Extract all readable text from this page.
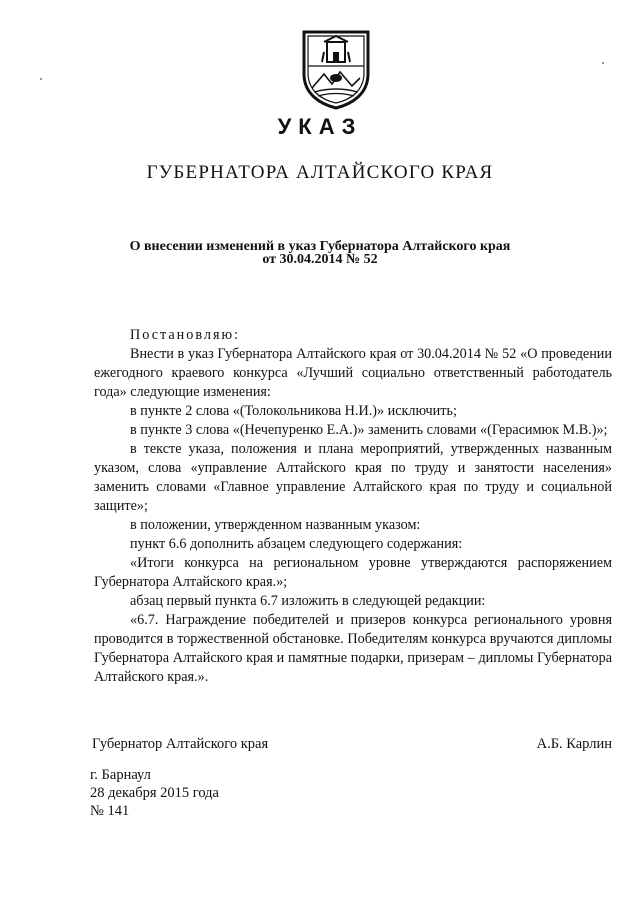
УКАЗ
ГУБЕРНАТОРА АЛТАЙСКОГО КРАЯ
О внесении изменений в указ Губернатора Алтайского края
от 30.04.2014 № 52

Постановляю:

Внести в указ Губернатора Алтайского края от 30.04.2014 № 52 «О проведении ежегодного краевого конкурса «Лучший социально ответственный работодатель года» следующие изменения:

в пункте 2 слова «(Толокольникова Н.И.)» исключить;

в пункте 3 слова «(Нечепуренко Е.А.)» заменить словами «(Герасимюк М.В.)»;

в тексте указа, положения и плана мероприятий, утвержденных названным указом, слова «управление Алтайского края по труду и занятости населения» заменить словами «Главное управление Алтайского края по труду и социальной защите»;

в положении, утвержденном названным указом:

пункт 6.6 дополнить абзацем следующего содержания:

«Итоги конкурса на региональном уровне утверждаются распоряжением Губернатора Алтайского края.»;

абзац первый пункта 6.7 изложить в следующей редакции:

«6.7. Награждение победителей и призеров конкурса регионального уровня проводится в торжественной обстановке. Победителям конкурса вручаются дипломы Губернатора Алтайского края и памятные подарки, призерам – дипломы Губернатора Алтайского края.».

Губернатор Алтайского края	А.Б. Карлин
г. Барнаул
28 декабря 2015 года
№ 141
